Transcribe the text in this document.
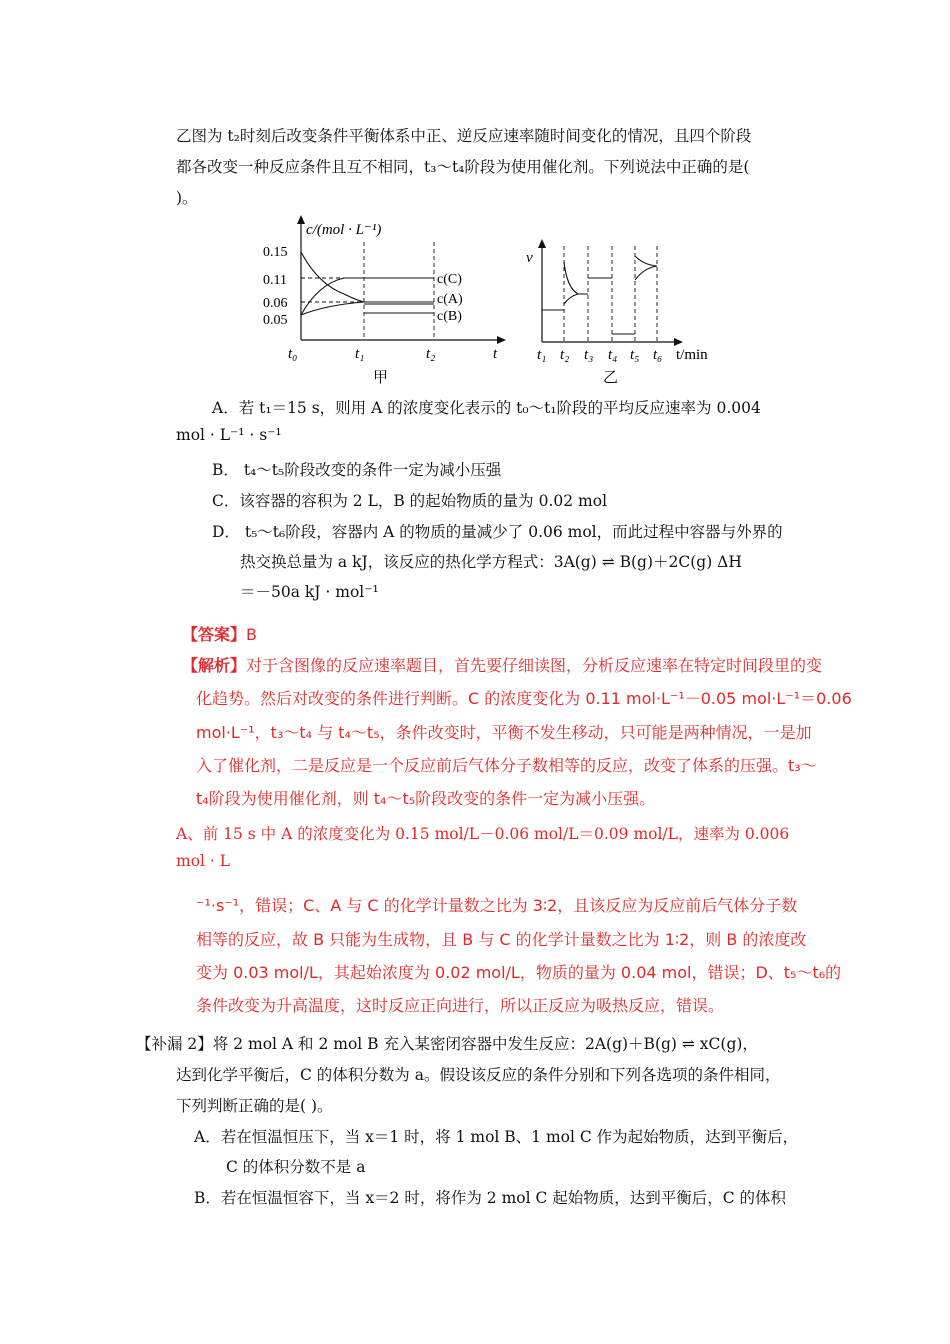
乙图为 t₂时刻后改变条件平衡体系中正、逆反应速率随时间变化的情况，且四个阶段
都各改变一种反应条件且互不相同，t₃～t₄阶段为使用催化剂。下列说法中正确的是(
)。
c/(mol · L⁻¹)
0.15
0.11
0.06
0.05
c(C)
c(A)
c(B)
t₀	t₁	t₂	t
甲
v
t₁ t₂ t₃ t₄ t₅ t₆ t/min
乙
A．若 t₁＝15 s，则用 A 的浓度变化表示的 t₀～t₁阶段的平均反应速率为 0.004
mol · L⁻¹ · s⁻¹
B． t₄～t₅阶段改变的条件一定为减小压强
C．该容器的容积为 2 L，B 的起始物质的量为 0.02 mol
D． t₅～t₆阶段，容器内 A 的物质的量减少了 0.06 mol，而此过程中容器与外界的
热交换总量为 a kJ，该反应的热化学方程式：3A(g) ⇌ B(g)＋2C(g) ΔH
＝－50a kJ · mol⁻¹
【答案】B
【解析】对于含图像的反应速率题目，首先要仔细读图，分析反应速率在特定时间段里的变
化趋势。然后对改变的条件进行判断。C 的浓度变化为 0.11 mol·L⁻¹－0.05 mol·L⁻¹＝0.06
mol·L⁻¹，t₃～t₄ 与 t₄～t₅，条件改变时，平衡不发生移动，只可能是两种情况，一是加
入了催化剂，二是反应是一个反应前后气体分子数相等的反应，改变了体系的压强。t₃～
t₄阶段为使用催化剂，则 t₄～t₅阶段改变的条件一定为减小压强。
A、前 15 s 中 A 的浓度变化为 0.15 mol/L－0.06 mol/L＝0.09 mol/L，速率为 0.006
mol · L
⁻¹·s⁻¹，错误；C、A 与 C 的化学计量数之比为 3∶2，且该反应为反应前后气体分子数
相等的反应，故 B 只能为生成物，且 B 与 C 的化学计量数之比为 1∶2，则 B 的浓度改
变为 0.03 mol/L，其起始浓度为 0.02 mol/L，物质的量为 0.04 mol，错误；D、t₅～t₆的
条件改变为升高温度，这时反应正向进行，所以正反应为吸热反应，错误。
【补漏 2】将 2 mol A 和 2 mol B 充入某密闭容器中发生反应：2A(g)＋B(g) ⇌ xC(g)，
达到化学平衡后，C 的体积分数为 a。假设该反应的条件分别和下列各选项的条件相同，
下列判断正确的是( )。
A．若在恒温恒压下，当 x＝1 时，将 1 mol B、1 mol C 作为起始物质，达到平衡后，
C 的体积分数不是 a
B．若在恒温恒容下，当 x＝2 时，将作为 2 mol C 起始物质，达到平衡后，C 的体积
